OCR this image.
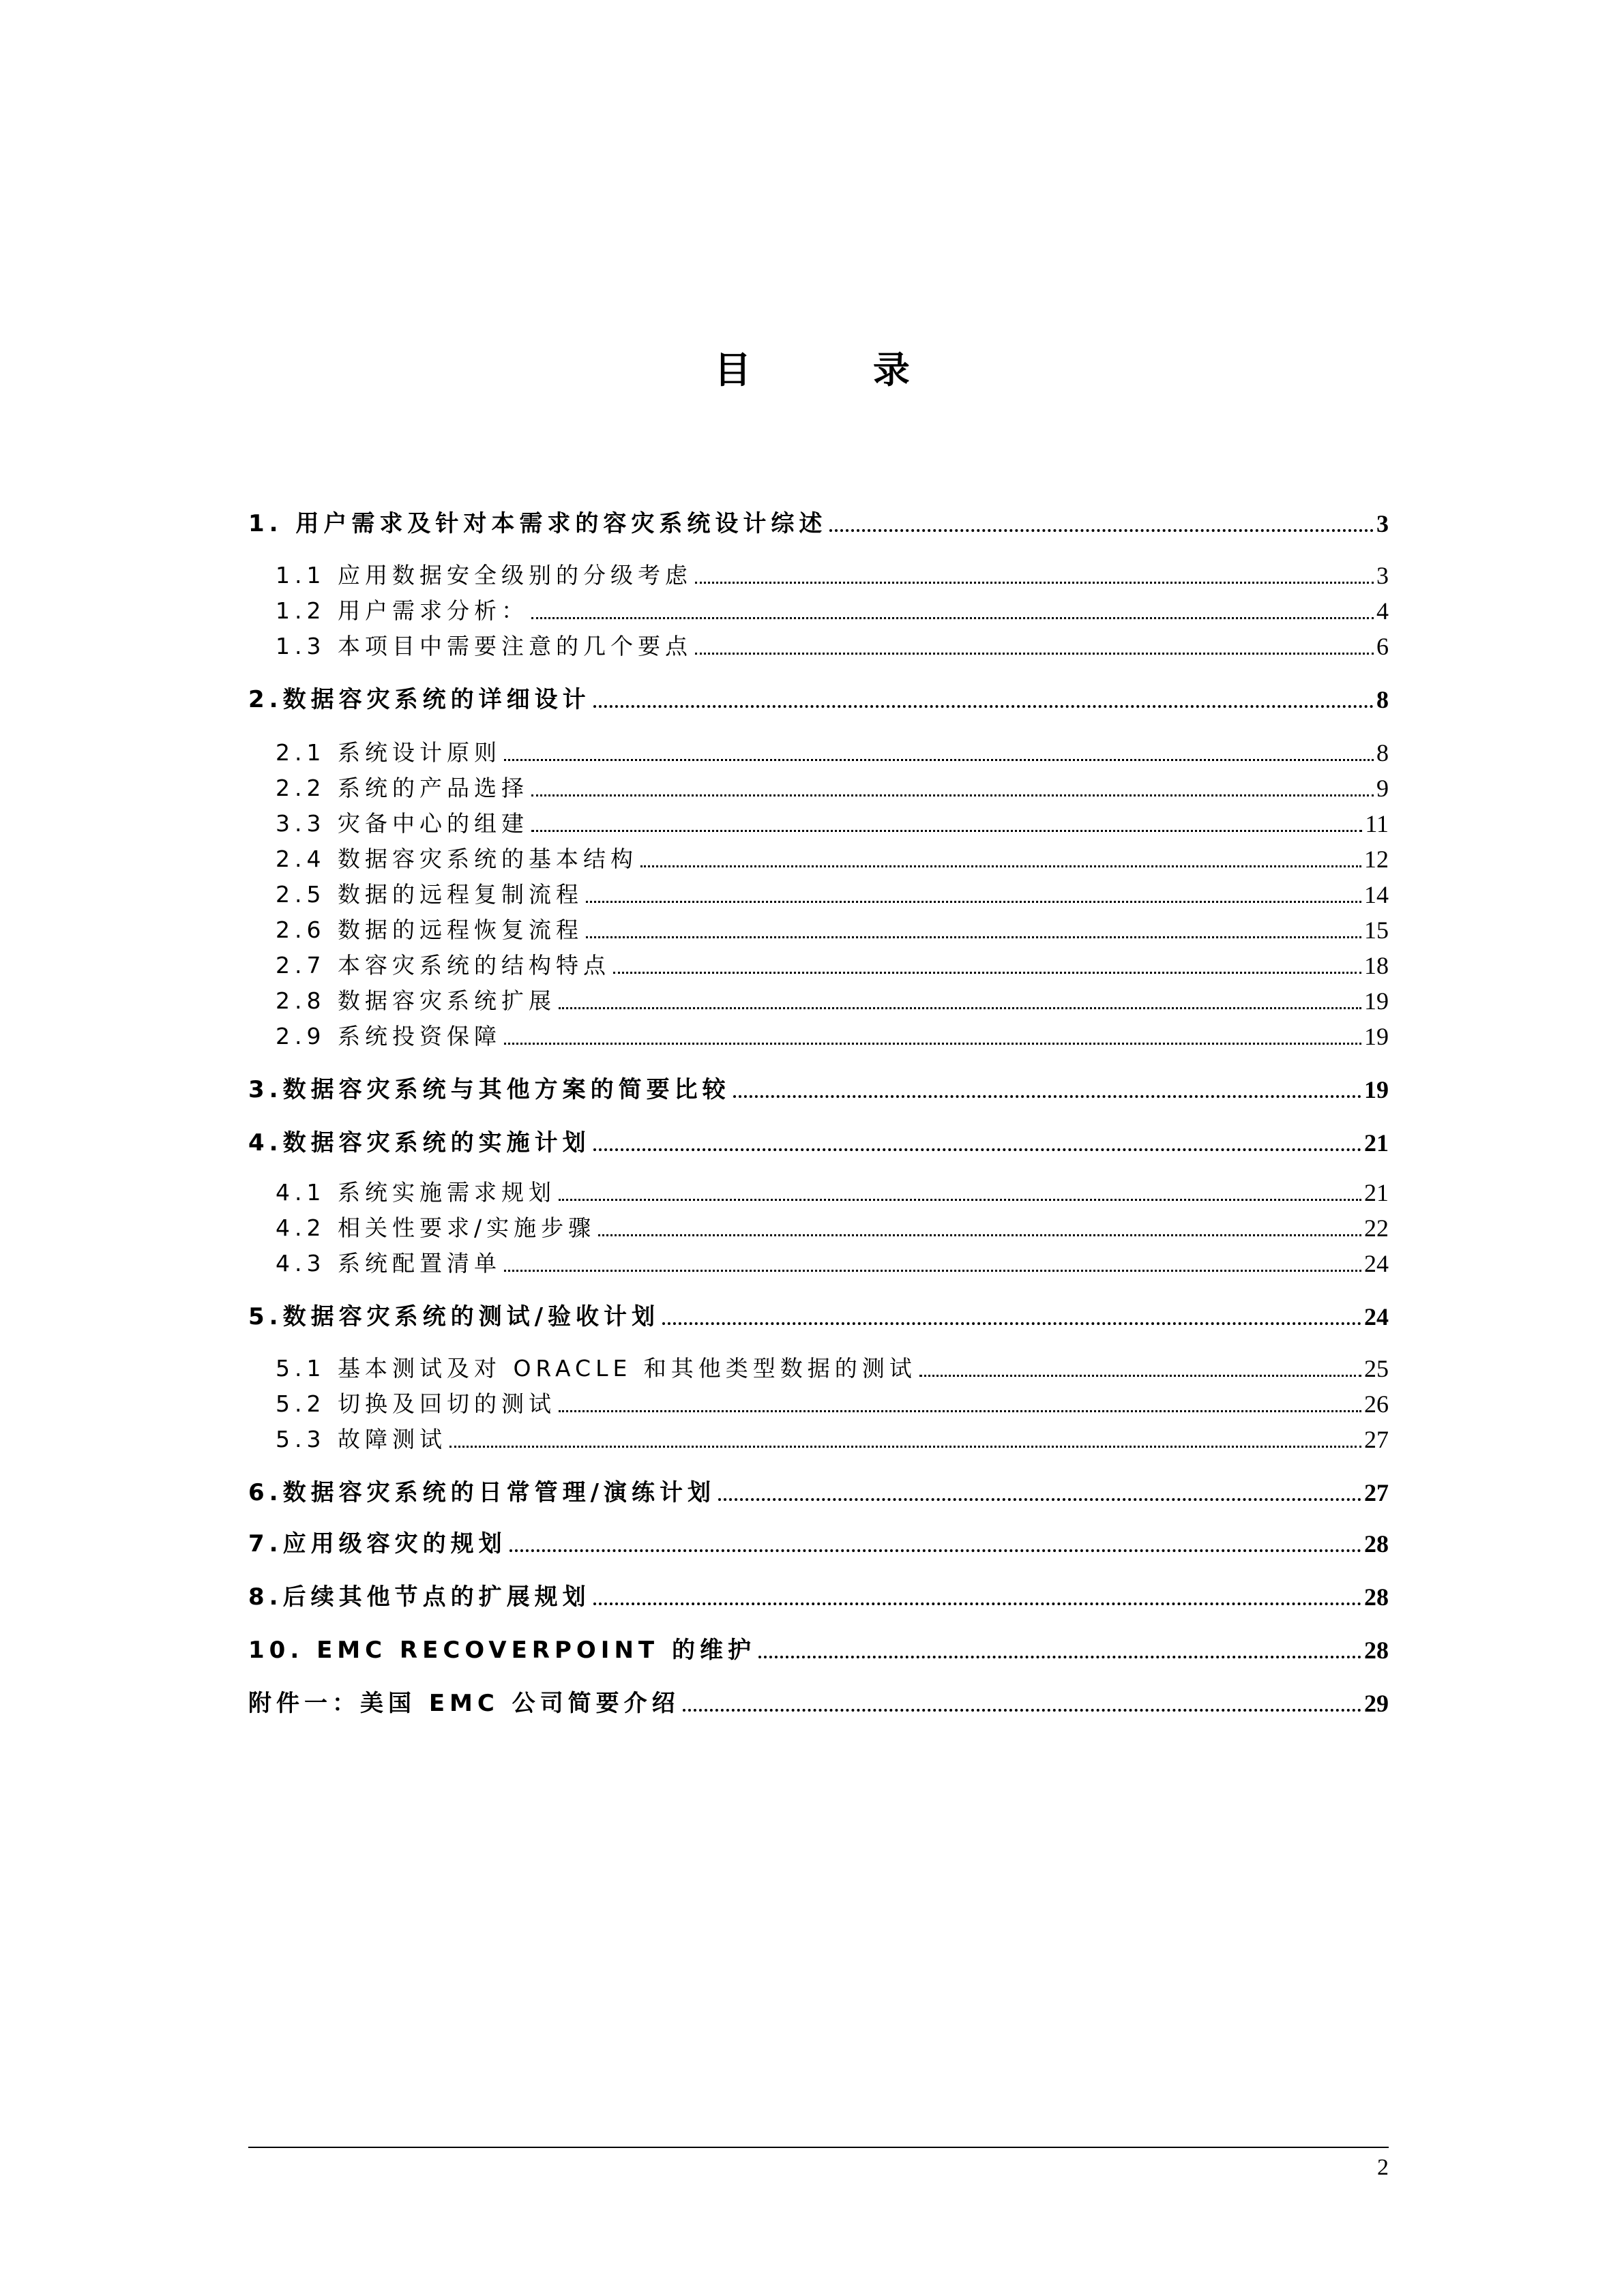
目 录
1. 用户需求及针对本需求的容灾系统设计综述	3
1.1 应用数据安全级别的分级考虑	3
1.2 用户需求分析：	4
1.3 本项目中需要注意的几个要点	6
2.数据容灾系统的详细设计	8
2.1 系统设计原则	8
2.2 系统的产品选择	9
3.3 灾备中心的组建	11
2.4 数据容灾系统的基本结构	12
2.5 数据的远程复制流程	14
2.6 数据的远程恢复流程	15
2.7 本容灾系统的结构特点	18
2.8 数据容灾系统扩展	19
2.9 系统投资保障	19
3.数据容灾系统与其他方案的简要比较	19
4.数据容灾系统的实施计划	21
4.1 系统实施需求规划	21
4.2 相关性要求/实施步骤	22
4.3 系统配置清单	24
5.数据容灾系统的测试/验收计划	24
5.1 基本测试及对 ORACLE 和其他类型数据的测试	25
5.2 切换及回切的测试	26
5.3 故障测试	27
6.数据容灾系统的日常管理/演练计划	27
7.应用级容灾的规划	28
8.后续其他节点的扩展规划	28
10. EMC RECOVERPOINT 的维护	28
附件一：美国 EMC 公司简要介绍	29
2
